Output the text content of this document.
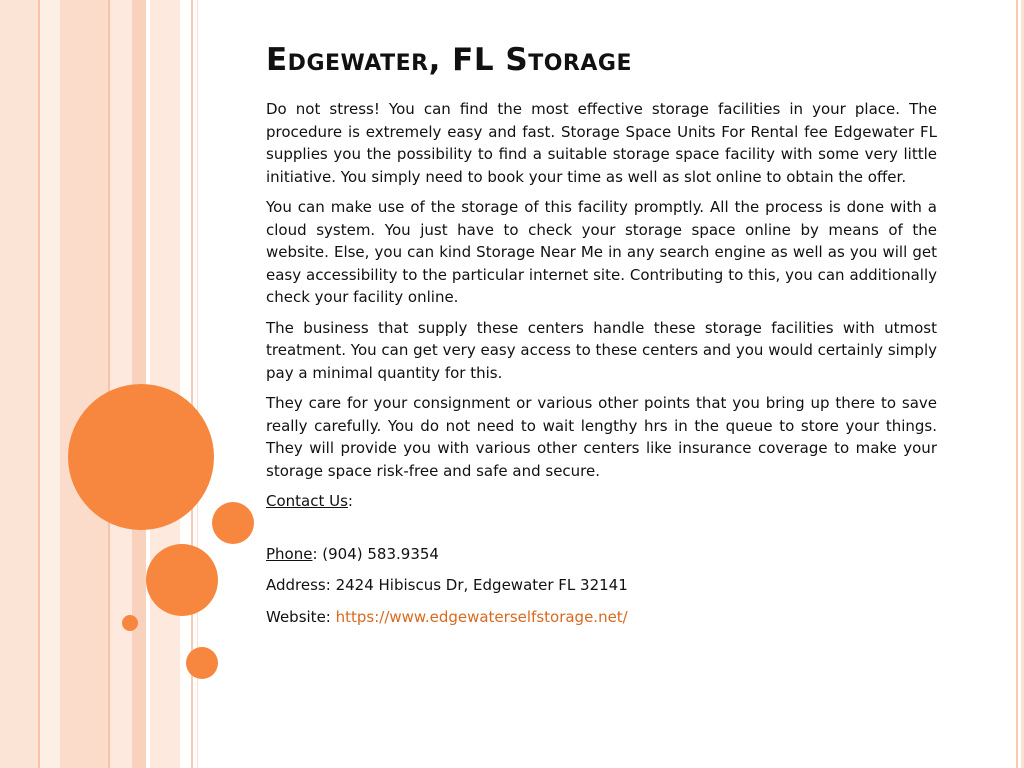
Edgewater, FL Storage

Do not stress! You can find the most effective storage facilities in your place. The procedure is extremely easy and fast. Storage Space Units For Rental fee Edgewater FL supplies you the possibility to find a suitable storage space facility with some very little initiative. You simply need to book your time as well as slot online to obtain the offer.

You can make use of the storage of this facility promptly. All the process is done with a cloud system. You just have to check your storage space online by means of the website. Else, you can kind Storage Near Me in any search engine as well as you will get easy accessibility to the particular internet site. Contributing to this, you can additionally check your facility online.

The business that supply these centers handle these storage facilities with utmost treatment. You can get very easy access to these centers and you would certainly simply pay a minimal quantity for this.

They care for your consignment or various other points that you bring up there to save really carefully. You do not need to wait lengthy hrs in the queue to store your things. They will provide you with various other centers like insurance coverage to make your storage space risk-free and safe and secure.

Contact Us:

Phone: (904) 583.9354

Address: 2424 Hibiscus Dr, Edgewater FL 32141

Website: https://www.edgewaterselfstorage.net/
